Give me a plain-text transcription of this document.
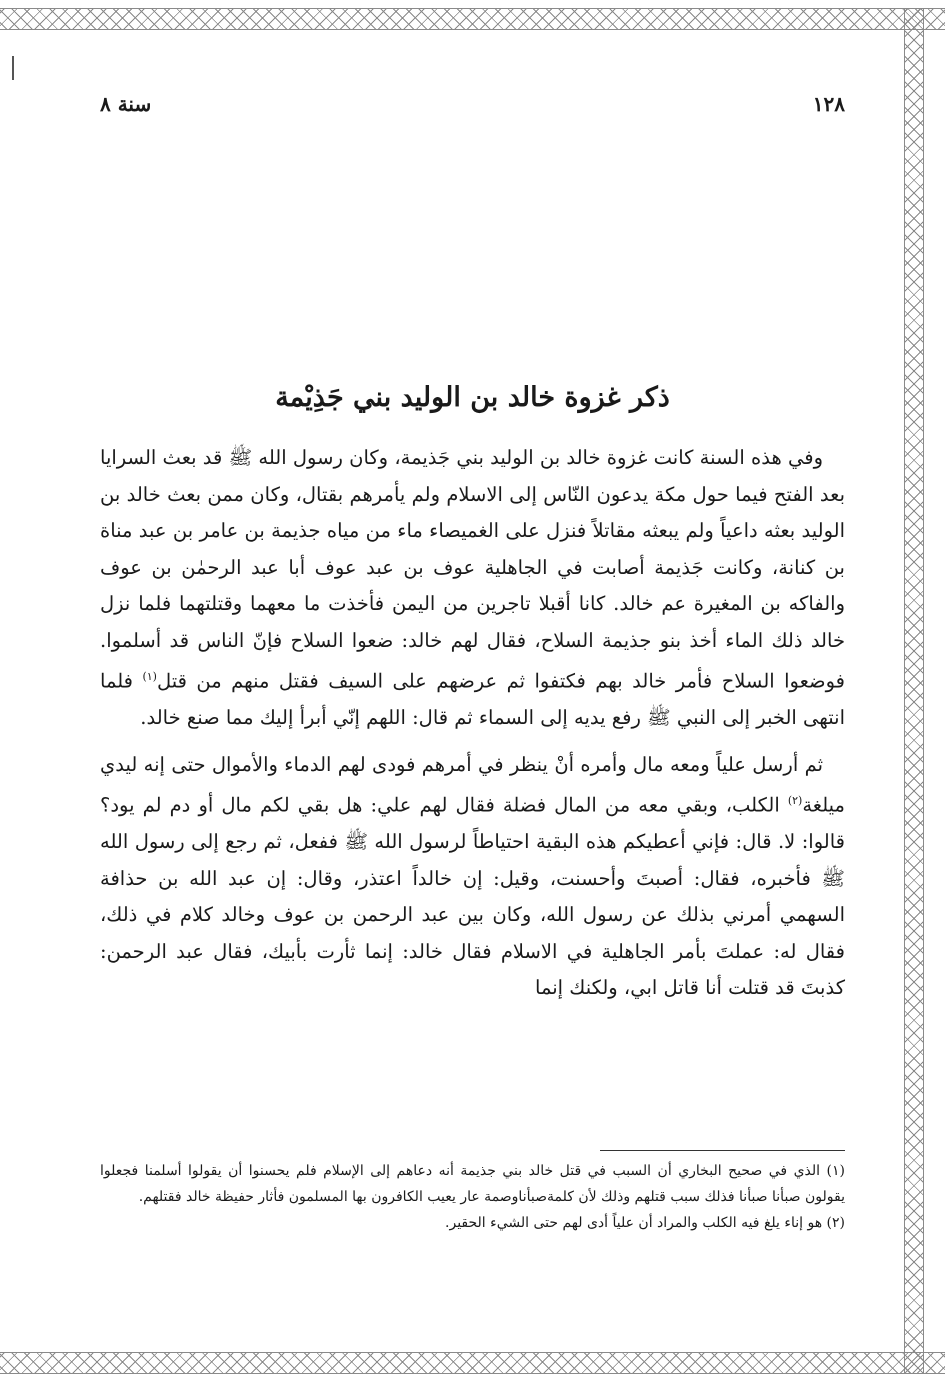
١٢٨
سنة ٨
ذكر غزوة خالد بن الوليد بني جَذِيْمة

وفي هذه السنة كانت غزوة خالد بن الوليد بني جَذيمة، وكان رسول الله ﷺ قد بعث السرايا بعد الفتح فيما حول مكة يدعون النّاس إلى الاسلام ولم يأمرهم بقتال، وكان ممن بعث خالد بن الوليد بعثه داعياً ولم يبعثه مقاتلاً فنزل على الغميصاء ماء من مياه جذيمة بن عامر بن عبد مناة بن كنانة، وكانت جَذيمة أصابت في الجاهلية عوف بن عبد عوف أبا عبد الرحمٰن بن عوف والفاكه بن المغيرة عم خالد. كانا أقبلا تاجرين من اليمن فأخذت ما معهما وقتلتهما فلما نزل خالد ذلك الماء أخذ بنو جذيمة السلاح، فقال لهم خالد: ضعوا السلاح فإنّ الناس قد أسلموا. فوضعوا السلاح فأمر خالد بهم فكتفوا ثم عرضهم على السيف فقتل منهم من قتل$^{(١)}$ فلما انتهى الخبر إلى النبي ﷺ رفع يديه إلى السماء ثم قال: اللهم إنّي أبرأ إليك مما صنع خالد.

ثم أرسل علياً ومعه مال وأمره أنْ ينظر في أمرهم فودى لهم الدماء والأموال حتى إنه ليدي ميلغة$^{(٢)}$ الكلب، وبقي معه من المال فضلة فقال لهم علي: هل بقي لكم مال أو دم لم يود؟ قالوا: لا. قال: فإني أعطيكم هذه البقية احتياطاً لرسول الله ﷺ ففعل، ثم رجع إلى رسول الله ﷺ فأخبره، فقال: أصبتَ وأحسنت، وقيل: إن خالداً اعتذر، وقال: إن عبد الله بن حذافة السهمي أمرني بذلك عن رسول الله، وكان بين عبد الرحمن بن عوف وخالد كلام في ذلك، فقال له: عملتَ بأمر الجاهلية في الاسلام فقال خالد: إنما ثأرت بأبيك، فقال عبد الرحمن: كذبتَ قد قتلت أنا قاتل ابي، ولكنك إنما

(١) الذي في صحيح البخاري أن السبب في قتل خالد بني جذيمة أنه دعاهم إلى الإسلام فلم يحسنوا أن يقولوا أسلمنا فجعلوا يقولون صبأنا صبأنا فذلك سبب قتلهم وذلك لأن كلمةصبأناوصمة عار يعيب الكافرون بها المسلمون فأثار حفيظة خالد فقتلهم.

(٢) هو إناء يلغ فيه الكلب والمراد أن علياً أدى لهم حتى الشيء الحقير.
